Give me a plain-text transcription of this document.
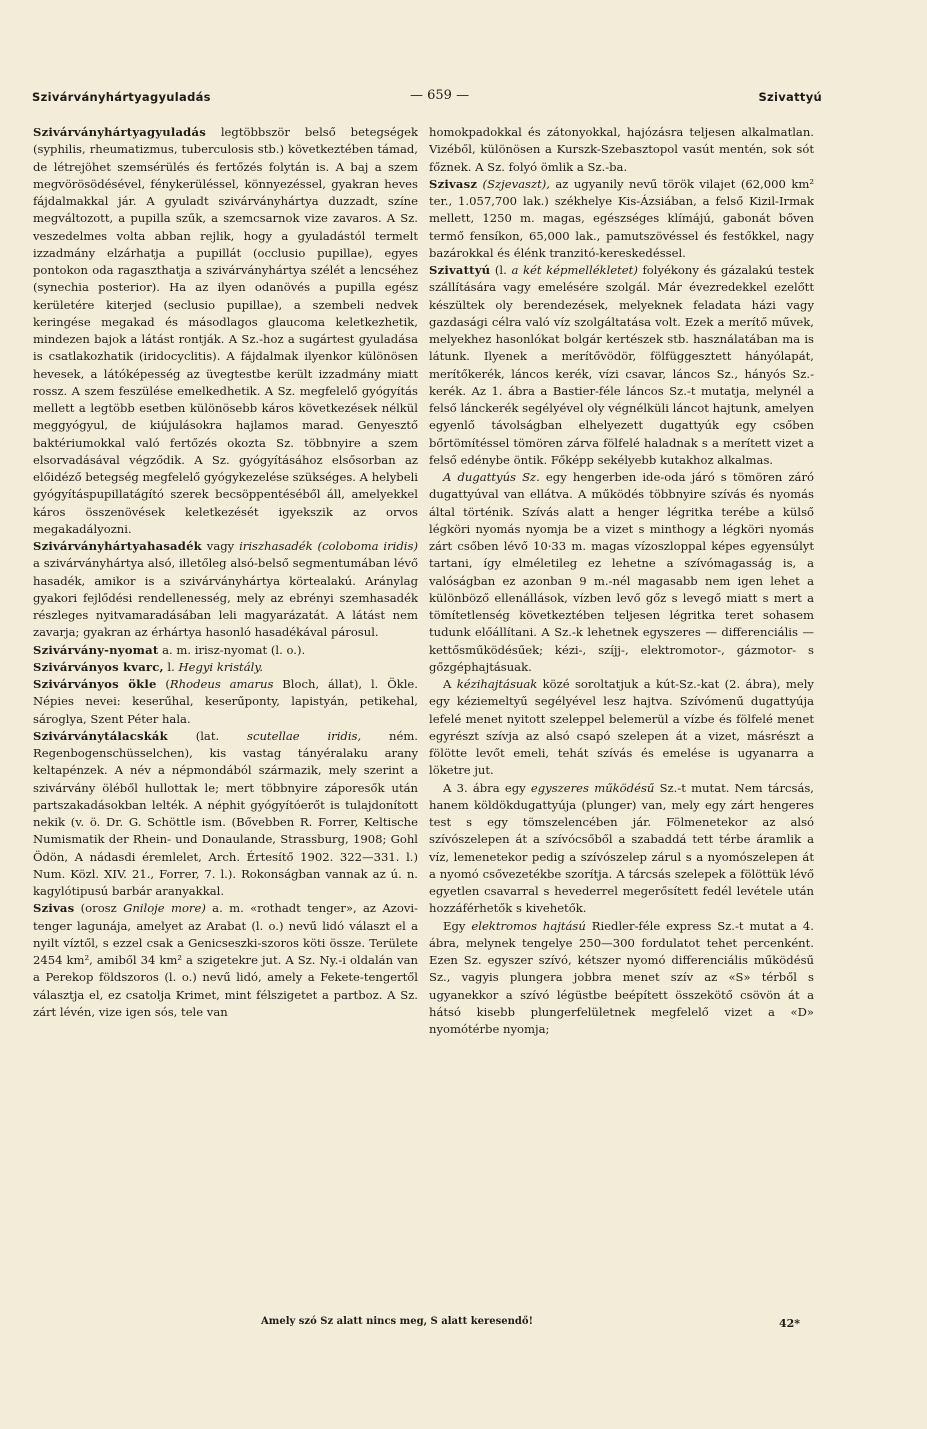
Szivárványhártyagyuladás	— 659 —	Szivattyú

Szivárványhártyagyuladás legtöbbször belső betegségek (syphilis, rheumatizmus, tuberculosis stb.) következtében támad, de létrejöhet szemsérülés és fertőzés folytán is. A baj a szem megvörösödésével, fénykerüléssel, könnyezéssel, gyakran heves fájdalmakkal jár. A gyuladt szivárványhártya duzzadt, színe megváltozott, a pupilla szűk, a szemcsarnok vize zavaros. A Sz. veszedelmes volta abban rejlik, hogy a gyuladástól termelt izzadmány elzárhatja a pupillát (occlusio pupillae), egyes pontokon oda ragaszthatja a szivárványhártya szélét a lencséhez (synechia posterior). Ha az ilyen odanövés a pupilla egész kerületére kiterjed (seclusio pupillae), a szembeli nedvek keringése megakad és másodlagos glaucoma keletkezhetik, mindezen bajok a látást rontják. A Sz.-hoz a sugártest gyuladása is csatlakozhatik (iridocyclitis). A fájdalmak ilyenkor különösen hevesek, a látóképesség az üvegtestbe került izzadmány miatt rossz. A szem feszülése emelkedhetik. A Sz. megfelelő gyógyítás mellett a legtöbb esetben különösebb káros következések nélkül meggyógyul, de kiújulásokra hajlamos marad. Genyesztő baktériumokkal való fertőzés okozta Sz. többnyire a szem elsorvadásával végződik. A Sz. gyógyításához elsősorban az előidéző betegség megfelelő gyógykezelése szükséges. A helybeli gyógyításpupillatágító szerek becsöppentéséből áll, amelyekkel káros összenövések keletkezését igyekszik az orvos megakadályozni.

Szivárványhártyahasadék vagy iriszhasadék (coloboma iridis) a szivárványhártya alsó, illetőleg alsó-belső segmentumában lévő hasadék, amikor is a szivárványhártya körtealakú. Aránylag gyakori fejlődési rendellenesség, mely az ebrényi szemhasadék részleges nyitvamaradásában leli magyarázatát. A látást nem zavarja; gyakran az érhártya hasonló hasadékával párosul.

Szivárvány-nyomat a. m. irisz-nyomat (l. o.).

Szivárványos kvarc, l. Hegyi kristály.

Szivárványos ökle (Rhodeus amarus Bloch, állat), l. Ökle. Népies nevei: keserűhal, keserűponty, lapistyán, petikehal, sároglya, Szent Péter hala.

Szivárványtálacskák (lat. scutellae iridis, ném. Regenbogenschüsselchen), kis vastag tányéralaku arany keltapénzek. A név a népmondából származik, mely szerint a szivárvány öléből hullottak le; mert többnyire záporesők után partszakadásokban lelték. A néphit gyógyítóerőt is tulajdonított nekik (v. ö. Dr. G. Schöttle ism. (Bővebben R. Forrer, Keltische Numismatik der Rhein- und Donaulande, Strassburg, 1908; Gohl Ödön, A nádasdi éremlelet, Arch. Értesítő 1902. 322—331. l.) Num. Közl. XIV. 21., Forrer, 7. l.). Rokonságban vannak az ú. n. kagylótipusú barbár aranyakkal.

Szivas (orosz Gniloje more) a. m. «rothadt tenger», az Azovi-tenger lagunája, amelyet az Arabat (l. o.) nevű lidó választ el a nyilt víztől, s ezzel csak a Genicseszki-szoros köti össze. Területe 2454 km², amiből 34 km² a szigetekre jut. A Sz. Ny.-i oldalán van a Perekop földszoros (l. o.) nevű lidó, amely a Fekete-tengertől választja el, ez csatolja Krimet, mint félszigetet a partboz. A Sz. zárt lévén, vize igen sós, tele van

homokpadokkal és zátonyokkal, hajózásra teljesen alkalmatlan. Vizéből, különösen a Kurszk-Szebasztopol vasút mentén, sok sót főznek. A Sz. folyó ömlik a Sz.-ba.

Szivasz (Szjevaszt), az ugyanily nevű török vilajet (62,000 km² ter., 1.057,700 lak.) székhelye Kis-Ázsiában, a felső Kizil-Irmak mellett, 1250 m. magas, egészséges klímájú, gabonát bőven termő fensíkon, 65,000 lak., pamutszövéssel és festőkkel, nagy bazárokkal és élénk tranzitó-kereskedéssel.

Szivattyú (l. a két képmellékletet) folyékony és gázalakú testek szállítására vagy emelésére szolgál. Már évezredekkel ezelőtt készültek oly berendezések, melyeknek feladata házi vagy gazdasági célra való víz szolgáltatása volt. Ezek a merítő művek, melyekhez hasonlókat bolgár kertészek stb. használatában ma is látunk. Ilyenek a merítővödör, fölfüggesztett hányólapát, merítőkerék, láncos kerék, vízi csavar, láncos Sz., hányós Sz.-kerék. Az 1. ábra a Bastier-féle láncos Sz.-t mutatja, melynél a felső lánckerék segélyével oly végnélküli láncot hajtunk, amelyen egyenlő távolságban elhelyezett dugattyúk egy csőben bőrtömítéssel tömören zárva fölfelé haladnak s a merített vizet a felső edénybe öntik. Főképp sekélyebb kutakhoz alkalmas.

A dugattyús Sz. egy hengerben ide-oda járó s tömören záró dugattyúval van ellátva. A működés többnyire szívás és nyomás által történik. Szívás alatt a henger légritka terébe a külső légköri nyomás nyomja be a vizet s minthogy a légköri nyomás zárt csőben lévő 10·33 m. magas vízoszloppal képes egyensúlyt tartani, így elméletileg ez lehetne a szívómagasság is, a valóságban ez azonban 9 m.-nél magasabb nem igen lehet a különböző ellenállások, vízben levő gőz s levegő miatt s mert a tömítetlenség következtében teljesen légritka teret sohasem tudunk előállítani. A Sz.-k lehetnek egyszeres — differenciális — kettősműködésűek; kézi-, szíjj-, elektromotor-, gázmotor- s gőzgéphajtásuak.

A kézihajtásuak közé soroltatjuk a kút-Sz.-kat (2. ábra), mely egy kéziemeltyű segélyével lesz hajtva. Szívómenű dugattyúja lefelé menet nyitott szeleppel belemerül a vízbe és fölfelé menet egyrészt szívja az alsó csapó szelepen át a vizet, másrészt a fölötte levőt emeli, tehát szívás és emelése is ugyanarra a löketre jut.

A 3. ábra egy egyszeres működésű Sz.-t mutat. Nem tárcsás, hanem köldökdugattyúja (plunger) van, mely egy zárt hengeres test s egy tömszelencében jár. Fölmenetekor az alsó szívószelepen át a szívócsőből a szabaddá tett térbe áramlik a víz, lemenetekor pedig a szívószelep zárul s a nyomószelepen át a nyomó csővezetékbe szorítja. A tárcsás szelepek a fölöttük lévő egyetlen csavarral s hevederrel megerősített fedél levétele után hozzáférhetők s kivehetők.

Egy elektromos hajtású Riedler-féle express Sz.-t mutat a 4. ábra, melynek tengelye 250—300 fordulatot tehet percenként. Ezen Sz. egyszer szívó, kétszer nyomó differenciális működésű Sz., vagyis plungera jobbra menet szív az «S» térből s ugyanekkor a szívó légüstbe beépített összekötő csövön át a hátsó kisebb plungerfelületnek megfelelő vizet a «D» nyomótérbe nyomja;

Amely szó Sz alatt nincs meg, S alatt keresendő!	42*
